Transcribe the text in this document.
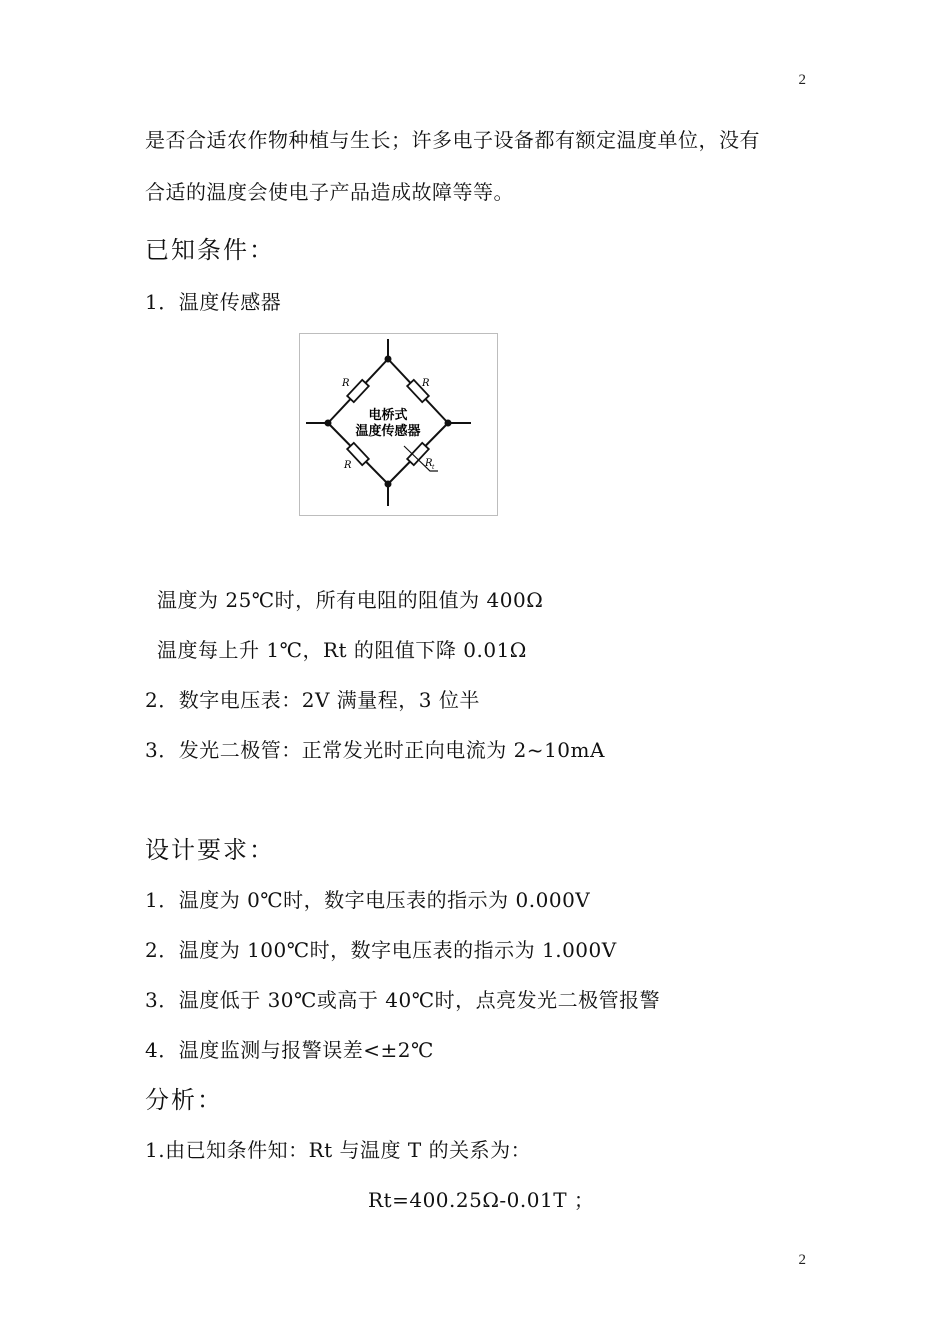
2
是否合适农作物种植与生长；许多电子设备都有额定温度单位，没有
合适的温度会使电子产品造成故障等等。
已知条件：
1．温度传感器
R	R
R	R t
电桥式
温度传感器
温度为 25℃时，所有电阻的阻值为 400Ω
温度每上升 1℃，Rt 的阻值下降 0.01Ω
2．数字电压表：2V 满量程，3 位半
3．发光二极管：正常发光时正向电流为 2~10mA
设计要求：
1．温度为 0℃时，数字电压表的指示为 0.000V
2．温度为 100℃时，数字电压表的指示为 1.000V
3．温度低于 30℃或高于 40℃时，点亮发光二极管报警
4．温度监测与报警误差<±2℃
分析：
1.由已知条件知：Rt 与温度 T 的关系为：
Rt=400.25Ω-0.01T ；
2
